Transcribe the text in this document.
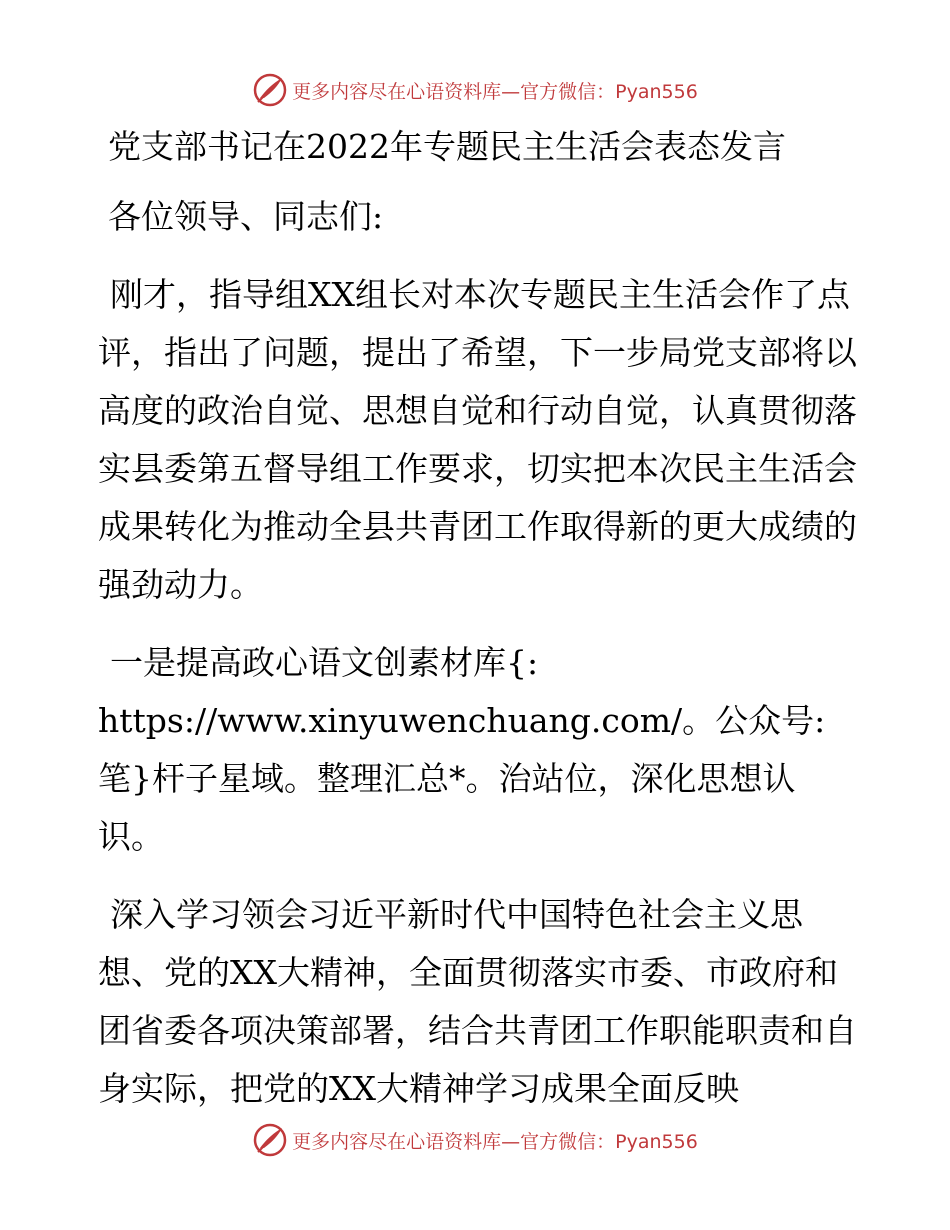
更多内容尽在心语资料库—官方微信：Pyan556

党支部书记在2022年专题民主生活会表态发言

各位领导、同志们:

刚才，指导组XX组长对本次专题民主生活会作了点评，指出了问题，提出了希望，下一步局党支部将以高度的政治自觉、思想自觉和行动自觉，认真贯彻落实县委第五督导组工作要求，切实把本次民主生活会成果转化为推动全县共青团工作取得新的更大成绩的强劲动力。

一是提高政心语文创素材库{: https://www.xinyuwenchuang.com/。公众号: 笔}杆子星域。整理汇总*。治站位，深化思想认识。

深入学习领会习近平新时代中国特色社会主义思想、党的XX大精神，全面贯彻落实市委、市政府和团省委各项决策部署，结合共青团工作职能职责和自身实际，把党的XX大精神学习成果全面反映

更多内容尽在心语资料库—官方微信：Pyan556
